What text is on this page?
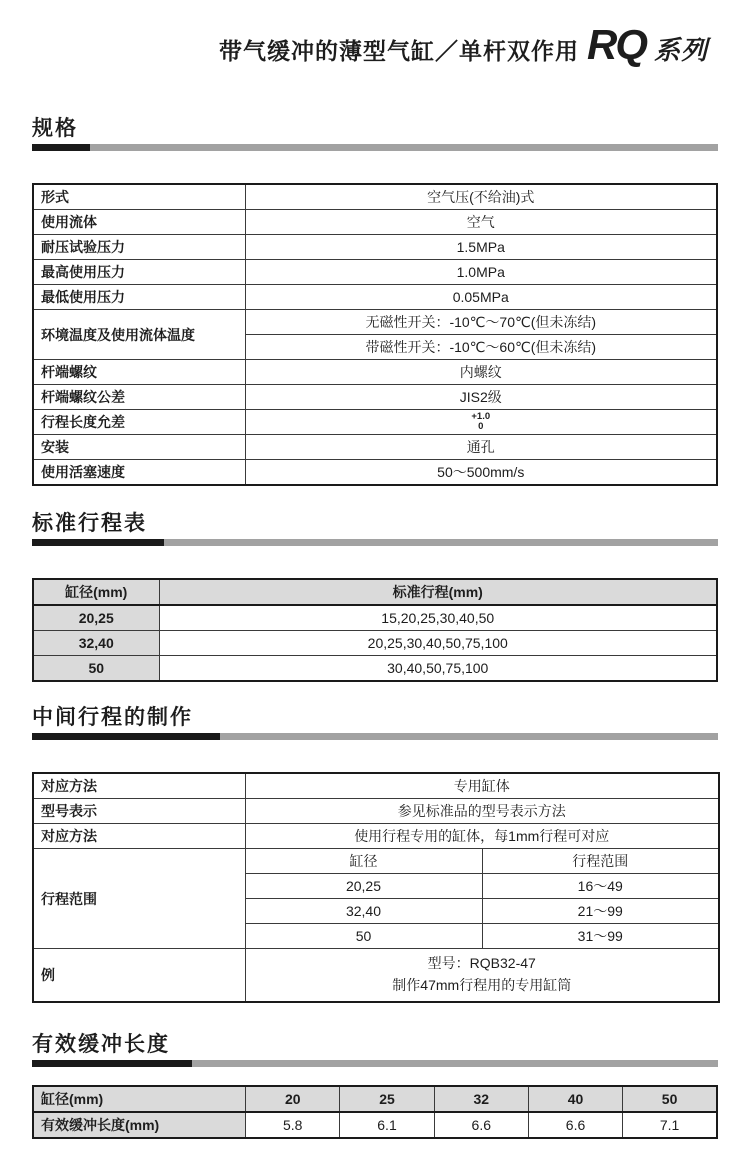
带气缓冲的薄型气缸／单杆双作用 RQ 系列
规格
形式	空气压(不给油)式
使用流体	空气
耐压试验压力	1.5MPa
最高使用压力	1.0MPa
最低使用压力	0.05MPa
环境温度及使用流体温度	无磁性开关：-10℃～70℃(但未冻结)
	带磁性开关：-10℃～60℃(但未冻结)
杆端螺纹	内螺纹
杆端螺纹公差	JIS2级
行程长度允差	+1.0
0

安装	通孔
使用活塞速度	50～500mm/s
标准行程表
缸径(mm)	标准行程(mm)
20,25	15,20,25,30,40,50
32,40	20,25,30,40,50,75,100
50	30,40,50,75,100
中间行程的制作
对应方法	专用缸体	
型号表示	参见标准品的型号表示方法	
对应方法	使用行程专用的缸体，每1mm行程可对应	
行程范围	缸径	行程范围
	20,25	16～49
	32,40	21～99
	50	31～99
例	型号：RQB32-47
制作47mm行程用的专用缸筒	
有效缓冲长度
缸径(mm)	20	25	32	40	50
有效缓冲长度(mm)	5.8	6.1	6.6	6.6	7.1
